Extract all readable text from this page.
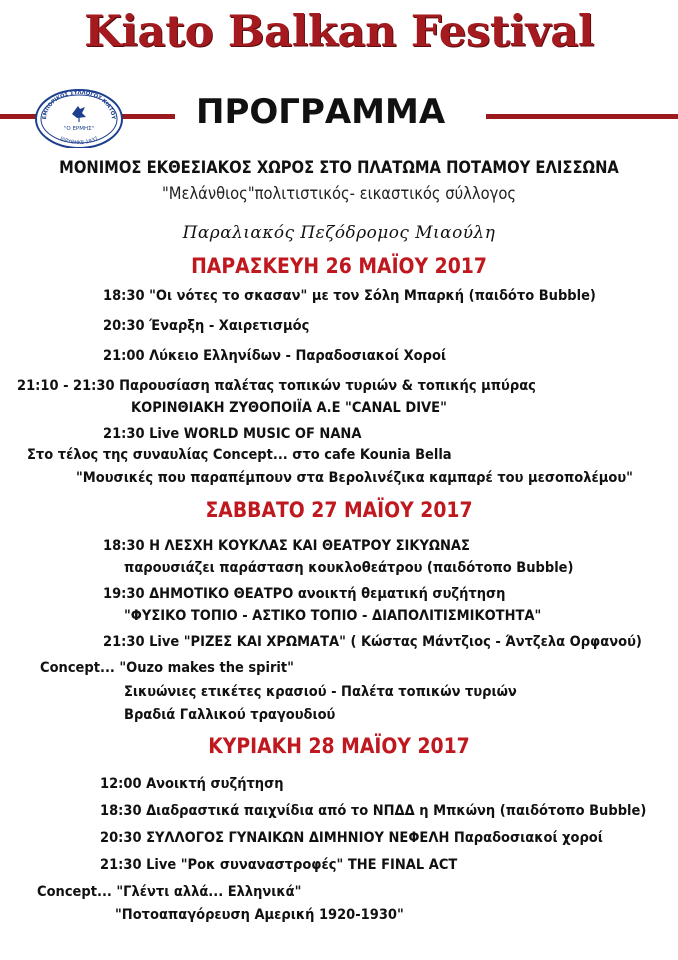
Kiato Balkan Festival
ΕΜΠΟΡΙΚΟΣ ΣΥΛΛΟΓΟΣ ΚΙΑΤΟΥ
ΙΔΡΥΘΗΚΕ 1937
"Ο ΕΡΜΗΣ"	ΠΡΟΓΡΑΜΜΑ
ΜΟΝΙΜΟΣ ΕΚΘΕΣΙΑΚΟΣ ΧΩΡΟΣ ΣΤΟ ΠΛΑΤΩΜΑ ΠΟΤΑΜΟΥ ΕΛΙΣΣΩΝΑ
"Μελάνθιος"πολιτιστικός- εικαστικός σύλλογος
Παραλιακός Πεζόδρομος Μιαούλη
ΠΑΡΑΣΚΕΥΗ 26 ΜΑΪΟΥ 2017
18:30 "Οι νότες το σκασαν" με τον Σόλη Μπαρκή (παιδότο Bubble)
20:30 Έναρξη - Χαιρετισμός
21:00 Λύκειο Ελληνίδων - Παραδοσιακοί Χοροί
21:10 - 21:30 Παρουσίαση παλέτας τοπικών τυριών & τοπικής μπύρας
ΚΟΡΙΝΘΙΑΚΗ ΖΥΘΟΠΟΙΪΑ Α.Ε "CANAL DIVE"
21:30 Live WORLD MUSIC OF NANA
Στο τέλος της συναυλίας Concept... στο cafe Kounia Bella
"Μουσικές που παραπέμπουν στα Βερολινέζικα καμπαρέ του μεσοπολέμου"
ΣΑΒΒΑΤΟ 27 ΜΑΪΟΥ 2017
18:30 Η ΛΕΣΧΗ ΚΟΥΚΛΑΣ ΚΑΙ ΘΕΑΤΡΟΥ ΣΙΚΥΩΝΑΣ
παρουσιάζει παράσταση κουκλοθεάτρου (παιδότοπο Bubble)
19:30 ΔΗΜΟΤΙΚΟ ΘΕΑΤΡΟ ανοικτή θεματική συζήτηση
"ΦΥΣΙΚΟ ΤΟΠΙΟ - ΑΣΤΙΚΟ ΤΟΠΙΟ - ΔΙΑΠΟΛΙΤΙΣΜΙΚΟΤΗΤΑ"
21:30 Live "ΡΙΖΕΣ ΚΑΙ ΧΡΩΜΑΤΑ" ( Κώστας Μάντζιος - Άντζελα Ορφανού)
Concept... "Ouzo makes the spirit"
Σικυώνιες ετικέτες κρασιού - Παλέτα τοπικών τυριών
Βραδιά Γαλλικού τραγουδιού
ΚΥΡΙΑΚΗ 28 ΜΑΪΟΥ 2017
12:00 Ανοικτή συζήτηση
18:30 Διαδραστικά παιχνίδια από το ΝΠΔΔ η Μπκώνη (παιδότοπο Bubble)
20:30 ΣΥΛΛΟΓΟΣ ΓΥΝΑΙΚΩΝ ΔΙΜΗΝΙΟΥ ΝΕΦΕΛΗ Παραδοσιακοί χοροί
21:30 Live "Ροκ συναναστροφές" THE FINAL ACT
Concept... "Γλέντι αλλά... Ελληνικά"
"Ποτοαπαγόρευση Αμερική 1920-1930"
